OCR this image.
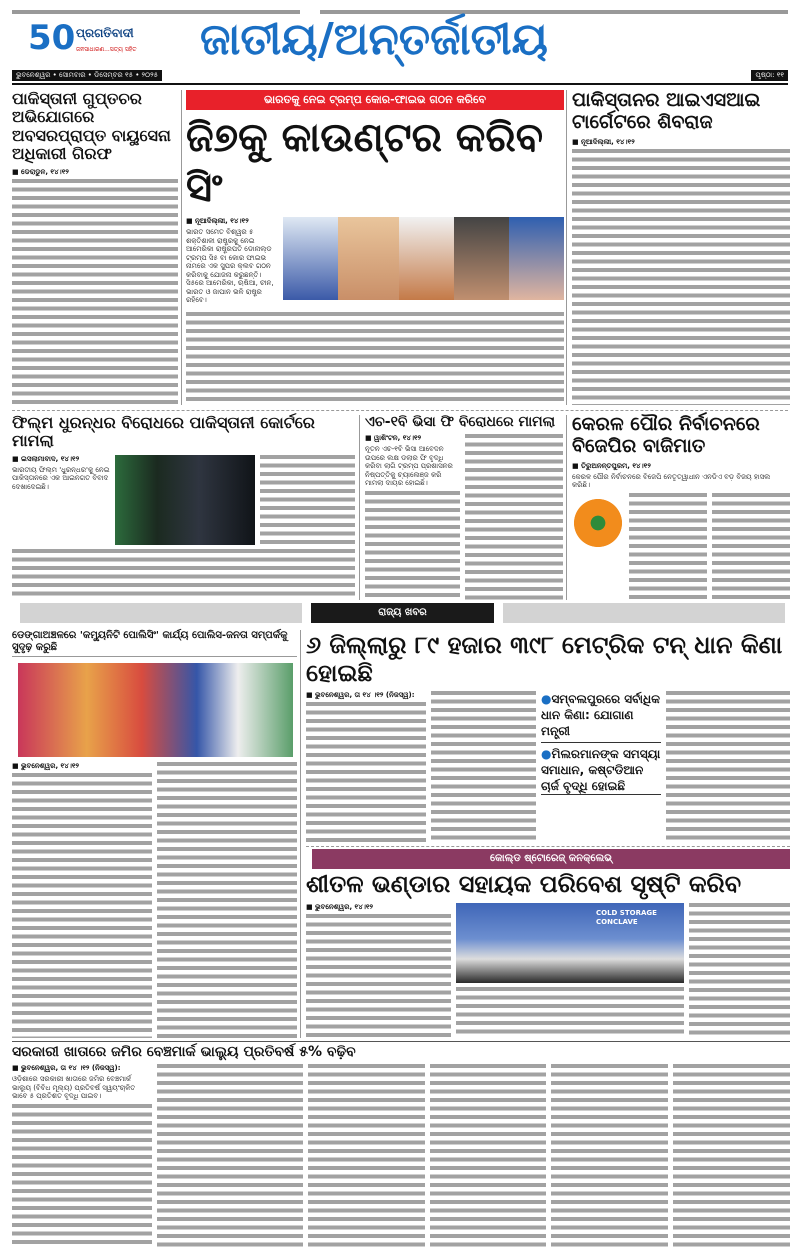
50 ପ୍ରଗତିବାଦୀ
ଜନସାଧାରଣ...ସତ୍ୟ ସହିତ ଜାତୀୟ/ଅନ୍ତର୍ଜାତୀୟ
ଭୁବନେଶ୍ୱର • ସୋମବାର • ଡିସେମ୍ବର ୧୫ • ୨୦୨୫	ପୃଷ୍ଠା: ୧୧
ପାକିସ୍ତାନୀ ଗୁପ୍ତଚର ଅଭିଯୋଗରେ ଅବସରପ୍ରାପ୍ତ ବାୟୁସେନା ଅଧିକାରୀ ଗିରଫ
■ ଡେରାଡୁନ, ୧୪।୧୨
ଭାରତକୁ ନେଇ ଟ୍ରମ୍ପ କୋର-ଫାଇଭ ଗଠନ କରିବେ
ଜି୭କୁ କାଉଣ୍ଟର କରିବ ସିଂ
■ ନୂଆଦିଲ୍ଲୀ, ୧୪।୧୨
ଭାରତ ସମେତ ବିଶ୍ୱର ୫ ଶକ୍ତିଶାଳୀ ରାଷ୍ଟ୍ରକୁ ନେଇ ଆମେରିକା ରାଷ୍ଟ୍ରପତି ଡୋନାଲ୍ଡ ଟ୍ରମ୍ପ ସି୫ ବା କୋର ଫାଇଭ ନାମରେ ଏକ ସୁପର କ୍ଲବ ଗଠନ କରିବାକୁ ଯୋଜନା କରୁଛନ୍ତି। ସି୫ରେ ଆମେରିକା, ଋଷିଆ, ଚୀନ, ଭାରତ ଓ ଜାପାନ ଭଳି ରାଷ୍ଟ୍ର ରହିବେ।
ପାକିସ୍ତାନର ଆଇଏସଆଇ ଟାର୍ଗେଟରେ ଶିବରାଜ
■ ନୂଆଦିଲ୍ଲୀ, ୧୪।୧୨
ଫିଲ୍ମ ଧୁରନ୍ଧର ବିରୋଧରେ ପାକିସ୍ତାନୀ କୋର୍ଟରେ ମାମଲା
■ ଇସଲାମାବାଦ, ୧୪।୧୨
ଭାରତୀୟ ଫିଲ୍ମ 'ଧୁରନ୍ଧର'କୁ ନେଇ ପାକିସ୍ତାନରେ ଏକ ଆଇନଗତ ବିବାଦ ଦେଖାଦେଇଛି।
ଏଚ-୧ବି ଭିସା ଫି ବିରୋଧରେ ମାମଲା
■ ୱାଶିଂଟନ, ୧୪।୧୨
ନୂତନ ଏଚ-୧ବି ଭିସା ଆବେଦନ ଉପରେ ଲକ୍ଷ ଡଲାର ଫି ବୃଦ୍ଧି କରିବା ଲାଗି ଟ୍ରମ୍ପ ପ୍ରଶାସନର ନିଷ୍ପତ୍ତିକୁ ଚ୍ୟାଲେଞ୍ଜ କରି ମାମଲା ଦାୟର ହୋଇଛି।
କେରଳ ପୌର ନିର୍ବାଚନରେ ବିଜେପିର ବାଜିମାତ
■ ତିରୁଅନନ୍ତପୁରମ, ୧୪।୧୨
କେରଳ ପୌର ନିର୍ବାଚନରେ ବିଜେପି ନେତୃତ୍ୱାଧୀନ ଏନଡିଏ ବଡ଼ ବିଜୟ ହାସଲ କରିଛି।
ରାଜ୍ୟ ଖବର
ଡେଙ୍ଗାଅଞ୍ଚଳରେ 'କମ୍ୟୁନିଟି ପୋଲିସିଂ' କାର୍ଯ୍ୟ ପୋଲିସ-ଜନତା ସମ୍ପର୍କକୁ ସୁଦୃଢ଼ କରୁଛି
■ ଭୁବନେଶ୍ୱର, ୧୪।୧୨
୬ ଜିଲ୍ଲାରୁ ୮୯ ହଜାର ୩୯୮ ମେଟ୍ରିକ ଟନ୍ ଧାନ କିଣା ହୋଇଛି
■ ଭୁବନେଶ୍ୱର, ତା ୧୪ ।୧୨ (ନିଜସ୍ୱ):	●ସମ୍ବଲପୁରରେ ସର୍ବାଧିକ ଧାନ କିଣା: ଯୋଗାଣ ମନ୍ତ୍ରୀ
●ମିଲରମାନଙ୍କ ସମସ୍ୟା ସମାଧାନ, କଷ୍ଟଡିଆନ ଚାର୍ଜ ବୃଦ୍ଧି ହୋଇଛି
କୋଲ୍ଡ ଷ୍ଟୋରେଜ୍ କନକ୍ଲେଭ୍
ଶୀତଳ ଭଣ୍ଡାର ସହାୟକ ପରିବେଶ ସୃଷ୍ଟି କରିବ
■ ଭୁବନେଶ୍ୱର, ୧୪।୧୨
COLD STORAGE CONCLAVE
ସରକାରୀ ଖାତାରେ ଜମିର ବେଞ୍ଚମାର୍କ ଭାଲ୍ୟୁ ପ୍ରତିବର୍ଷ ୫% ବଢ଼ିବ
■ ଭୁବନେଶ୍ୱର, ତା ୧୪ ।୧୨ (ନିଜସ୍ୱ):
ଓଡ଼ିଶାରେ ସରକାରୀ ଖାତାରେ ଜମିର ବେଞ୍ଚମାର୍କ ଭାଲ୍ୟୁ (ବିବିଧ ମୂଲ୍ୟ) ପ୍ରତିବର୍ଷ ସ୍ୱୟଂଚାଳିତ ଭାବେ ୫ ପ୍ରତିଶତ ବୃଦ୍ଧି ପାଇବ।
